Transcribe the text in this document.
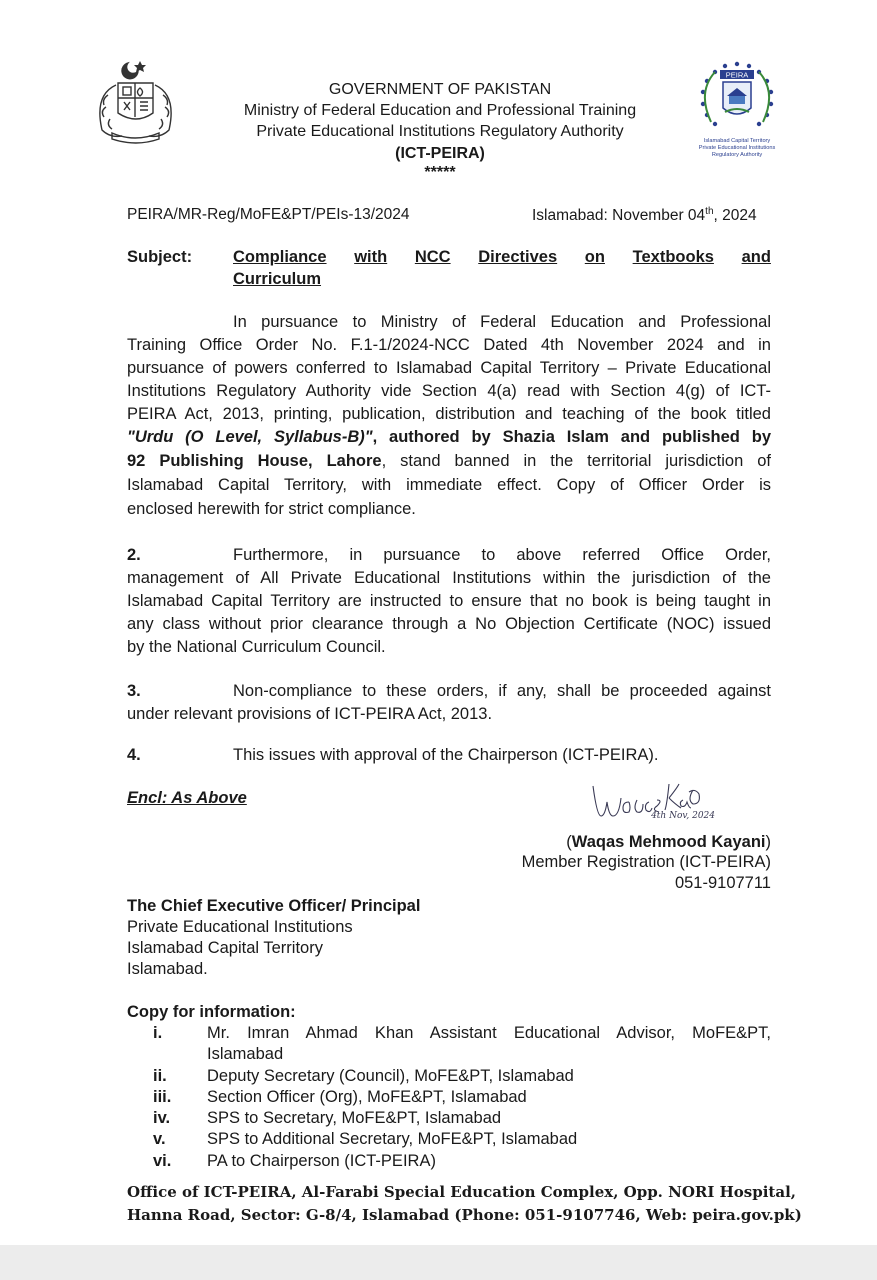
PEIRA
Islamabad Capital Territory
Private Educational Institutions
Regulatory Authority
GOVERNMENT OF PAKISTAN
Ministry of Federal Education and Professional Training
Private Educational Institutions Regulatory Authority
(ICT-PEIRA)
*****
PEIRA/MR-Reg/MoFE&PT/PEIs-13/2024	Islamabad: November 04th, 2024
Subject: Compliance with NCC Directives on Textbooks and
Curriculum
In pursuance to Ministry of Federal Education and Professional
Training Office Order No. F.1-1/2024-NCC Dated 4th November 2024 and in
pursuance of powers conferred to Islamabad Capital Territory – Private Educational
Institutions Regulatory Authority vide Section 4(a) read with Section 4(g) of ICT-
PEIRA Act, 2013, printing, publication, distribution and teaching of the book titled
"Urdu (O Level, Syllabus-B)", authored by Shazia Islam and published by
92 Publishing House, Lahore, stand banned in the territorial jurisdiction of
Islamabad Capital Territory, with immediate effect. Copy of Officer Order is
enclosed herewith for strict compliance.
2.	Furthermore, in pursuance to above referred Office Order,
management of All Private Educational Institutions within the jurisdiction of the
Islamabad Capital Territory are instructed to ensure that no book is being taught in
any class without prior clearance through a No Objection Certificate (NOC) issued
by the National Curriculum Council.
3.	Non-compliance to these orders, if any, shall be proceeded against
under relevant provisions of ICT-PEIRA Act, 2013.
4.	This issues with approval of the Chairperson (ICT-PEIRA).
Encl: As Above
4th Nov, 2024
(Waqas Mehmood Kayani)
Member Registration (ICT-PEIRA)
051-9107711
The Chief Executive Officer/ Principal
Private Educational Institutions
Islamabad Capital Territory
Islamabad.
Copy for information:
i.	Mr. Imran Ahmad Khan Assistant Educational Advisor, MoFE&PT,
Islamabad
ii. Deputy Secretary (Council), MoFE&PT, Islamabad
iii. Section Officer (Org), MoFE&PT, Islamabad
iv. SPS to Secretary, MoFE&PT, Islamabad
v.	SPS to Additional Secretary, MoFE&PT, Islamabad
vi. PA to Chairperson (ICT-PEIRA)
Office of ICT-PEIRA, Al-Farabi Special Education Complex, Opp. NORI Hospital,
Hanna Road, Sector: G-8/4, Islamabad (Phone: 051-9107746, Web: peira.gov.pk)
